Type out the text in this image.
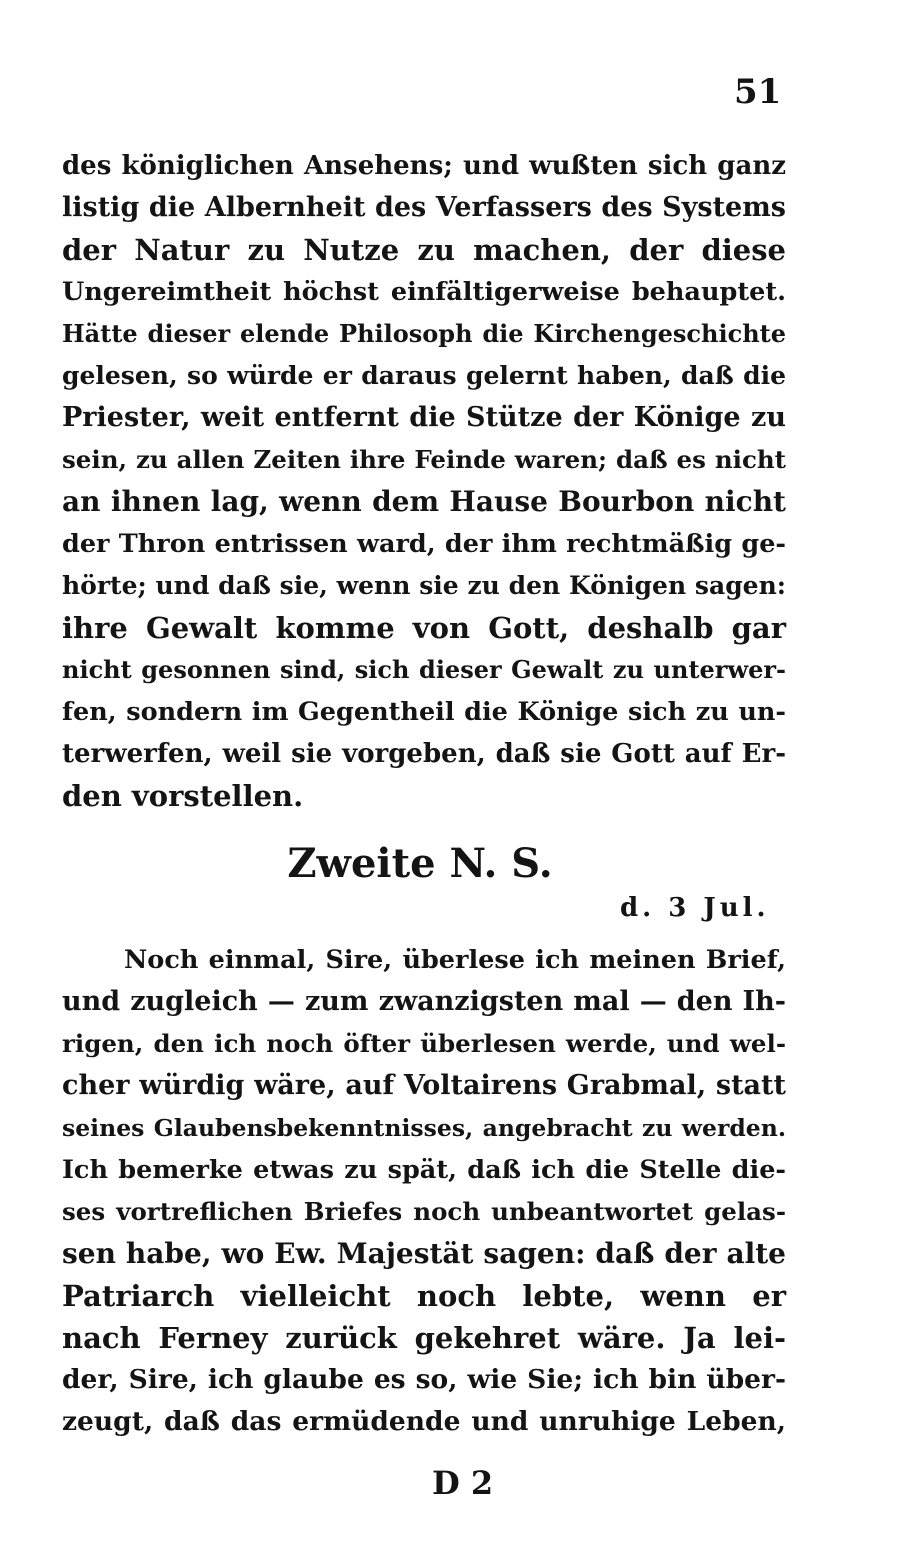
51
des königlichen Ansehens; und wußten sich ganz
listig die Albernheit des Verfassers des Systems
der Natur zu Nutze zu machen, der diese
Ungereimtheit höchst einfältigerweise behauptet.
Hätte dieser elende Philosoph die Kirchengeschichte
gelesen, so würde er daraus gelernt haben, daß die
Priester, weit entfernt die Stütze der Könige zu
sein, zu allen Zeiten ihre Feinde waren; daß es nicht
an ihnen lag, wenn dem Hause Bourbon nicht
der Thron entrissen ward, der ihm rechtmäßig ge-
hörte; und daß sie, wenn sie zu den Königen sagen:
ihre Gewalt komme von Gott, deshalb gar
nicht gesonnen sind, sich dieser Gewalt zu unterwer-
fen, sondern im Gegentheil die Könige sich zu un-
terwerfen, weil sie vorgeben, daß sie Gott auf Er-
den vorstellen.
Zweite N. S.
d. 3 Jul.
Noch einmal, Sire, überlese ich meinen Brief,
und zugleich — zum zwanzigsten mal — den Ih-
rigen, den ich noch öfter überlesen werde, und wel-
cher würdig wäre, auf Voltairens Grabmal, statt
seines Glaubensbekenntnisses, angebracht zu werden.
Ich bemerke etwas zu spät, daß ich die Stelle die-
ses vortreflichen Briefes noch unbeantwortet gelas-
sen habe, wo Ew. Majestät sagen: daß der alte
Patriarch vielleicht noch lebte, wenn er
nach Ferney zurück gekehret wäre. Ja lei-
der, Sire, ich glaube es so, wie Sie; ich bin über-
zeugt, daß das ermüdende und unruhige Leben,
D 2
